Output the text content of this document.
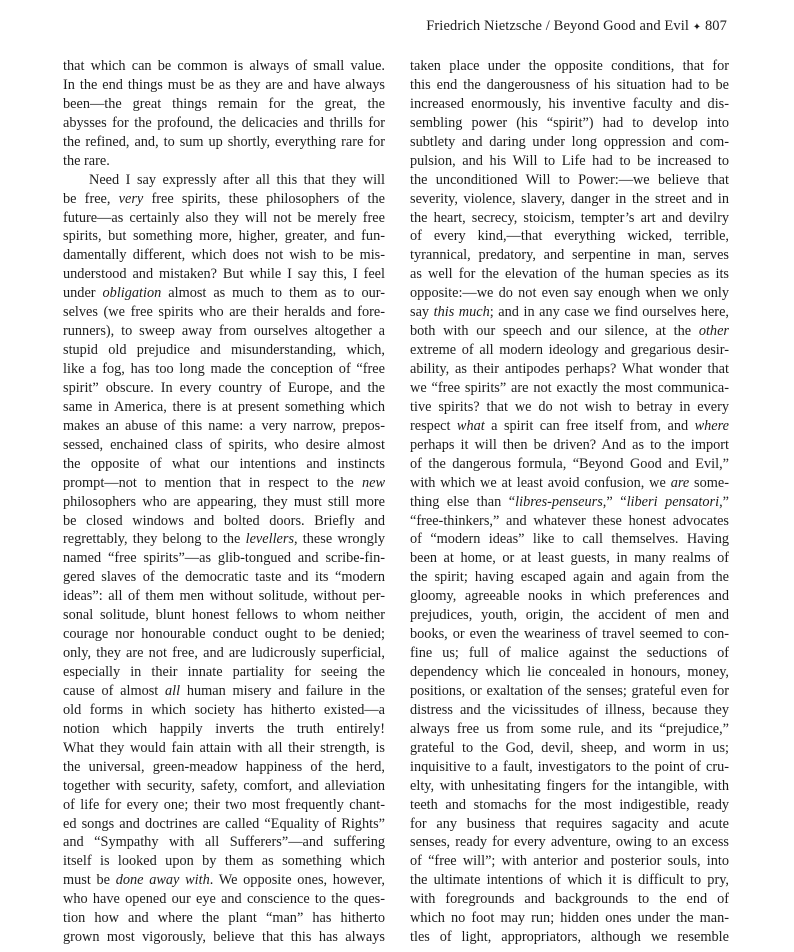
Friedrich Nietzsche / Beyond Good and Evil ✦ 807
that which can be common is always of small value.
In the end things must be as they are and have always
been—the great things remain for the great, the
abysses for the profound, the delicacies and thrills for
the refined, and, to sum up shortly, everything rare for
the rare.
Need I say expressly after all this that they will
be free, very free spirits, these philosophers of the
future—as certainly also they will not be merely free
spirits, but something more, higher, greater, and fun-
damentally different, which does not wish to be mis-
understood and mistaken? But while I say this, I feel
under obligation almost as much to them as to our-
selves (we free spirits who are their heralds and fore-
runners), to sweep away from ourselves altogether a
stupid old prejudice and misunderstanding, which,
like a fog, has too long made the conception of “free
spirit” obscure. In every country of Europe, and the
same in America, there is at present something which
makes an abuse of this name: a very narrow, prepos-
sessed, enchained class of spirits, who desire almost
the opposite of what our intentions and instincts
prompt—not to mention that in respect to the new
philosophers who are appearing, they must still more
be closed windows and bolted doors. Briefly and
regrettably, they belong to the levellers, these wrongly
named “free spirits”—as glib-tongued and scribe-fin-
gered slaves of the democratic taste and its “modern
ideas”: all of them men without solitude, without per-
sonal solitude, blunt honest fellows to whom neither
courage nor honourable conduct ought to be denied;
only, they are not free, and are ludicrously superficial,
especially in their innate partiality for seeing the
cause of almost all human misery and failure in the
old forms in which society has hitherto existed—a
notion which happily inverts the truth entirely!
What they would fain attain with all their strength, is
the universal, green-meadow happiness of the herd,
together with security, safety, comfort, and alleviation
of life for every one; their two most frequently chant-
ed songs and doctrines are called “Equality of Rights”
and “Sympathy with all Sufferers”—and suffering
itself is looked upon by them as something which
must be done away with. We opposite ones, however,
who have opened our eye and conscience to the ques-
tion how and where the plant “man” has hitherto
grown most vigorously, believe that this has always
taken place under the opposite conditions, that for
this end the dangerousness of his situation had to be
increased enormously, his inventive faculty and dis-
sembling power (his “spirit”) had to develop into
subtlety and daring under long oppression and com-
pulsion, and his Will to Life had to be increased to
the unconditioned Will to Power:—we believe that
severity, violence, slavery, danger in the street and in
the heart, secrecy, stoicism, tempter’s art and devilry
of every kind,—that everything wicked, terrible,
tyrannical, predatory, and serpentine in man, serves
as well for the elevation of the human species as its
opposite:—we do not even say enough when we only
say this much; and in any case we find ourselves here,
both with our speech and our silence, at the other
extreme of all modern ideology and gregarious desir-
ability, as their antipodes perhaps? What wonder that
we “free spirits” are not exactly the most communica-
tive spirits? that we do not wish to betray in every
respect what a spirit can free itself from, and where
perhaps it will then be driven? And as to the import
of the dangerous formula, “Beyond Good and Evil,”
with which we at least avoid confusion, we are some-
thing else than “libres-penseurs,” “liberi pensatori,”
“free-thinkers,” and whatever these honest advocates
of “modern ideas” like to call themselves. Having
been at home, or at least guests, in many realms of
the spirit; having escaped again and again from the
gloomy, agreeable nooks in which preferences and
prejudices, youth, origin, the accident of men and
books, or even the weariness of travel seemed to con-
fine us; full of malice against the seductions of
dependency which lie concealed in honours, money,
positions, or exaltation of the senses; grateful even for
distress and the vicissitudes of illness, because they
always free us from some rule, and its “prejudice,”
grateful to the God, devil, sheep, and worm in us;
inquisitive to a fault, investigators to the point of cru-
elty, with unhesitating fingers for the intangible, with
teeth and stomachs for the most indigestible, ready
for any business that requires sagacity and acute
senses, ready for every adventure, owing to an excess
of “free will”; with anterior and posterior souls, into
the ultimate intentions of which it is difficult to pry,
with foregrounds and backgrounds to the end of
which no foot may run; hidden ones under the man-
tles of light, appropriators, although we resemble
